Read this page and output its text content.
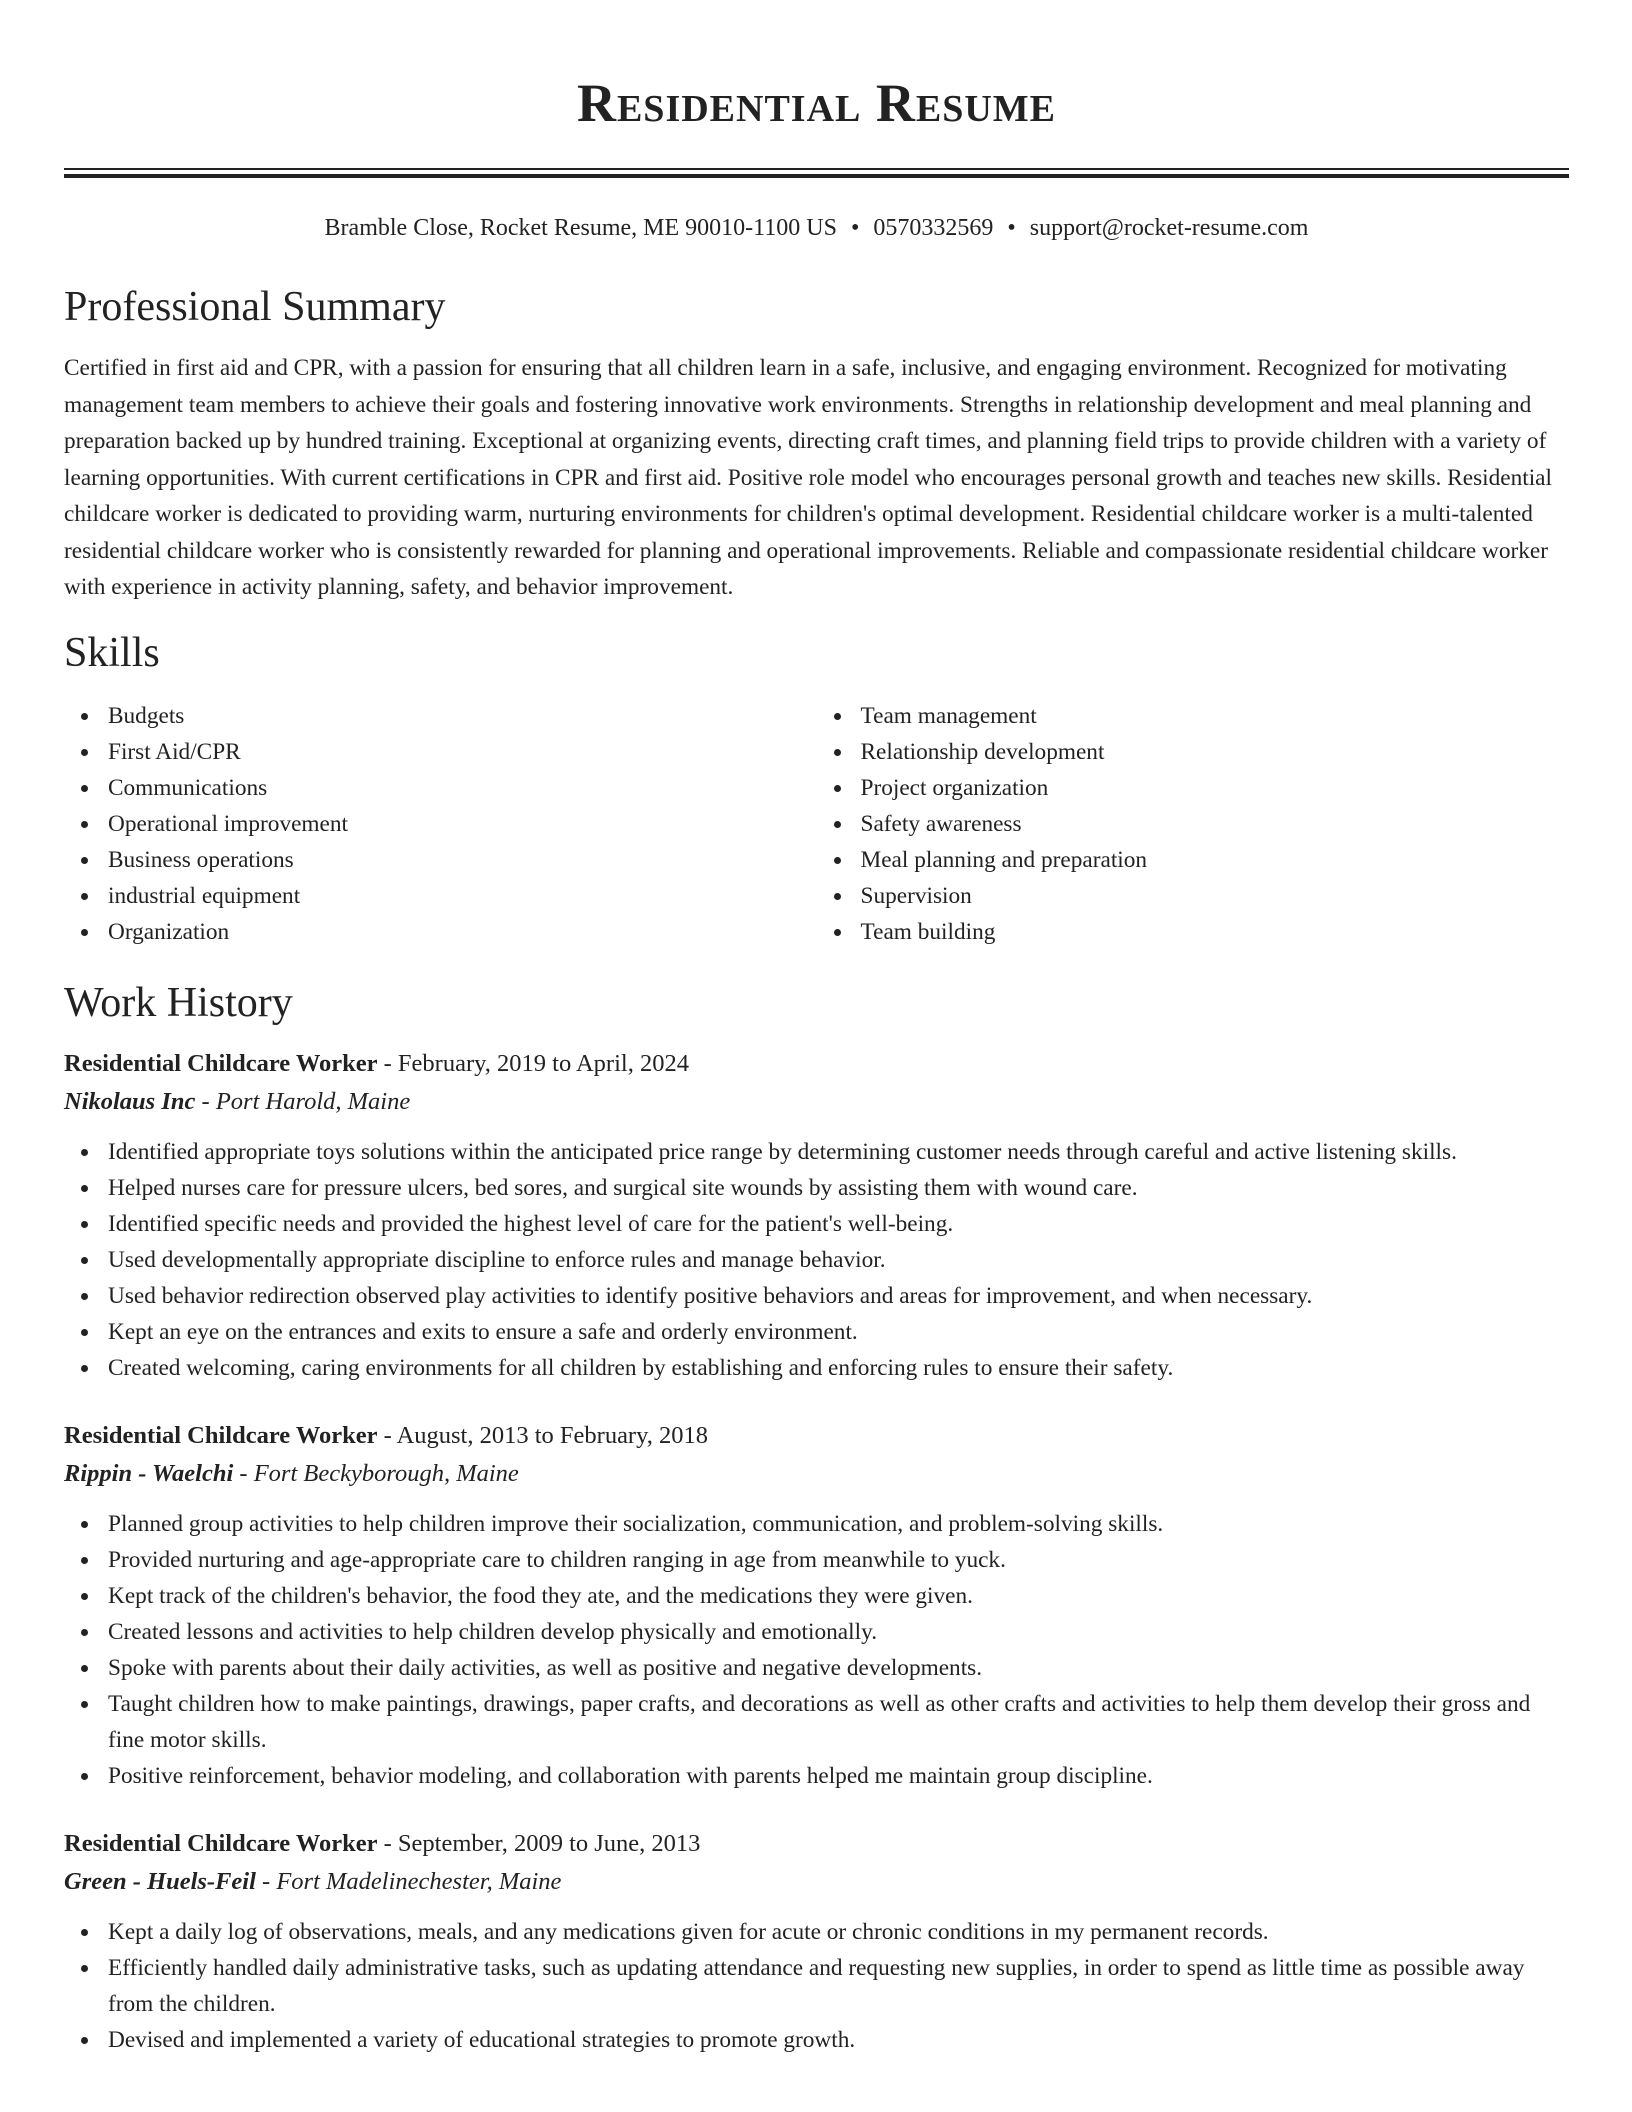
Residential Resume
Bramble Close, Rocket Resume, ME 90010-1100 US • 0570332569 • support@rocket-resume.com
Professional Summary

Certified in first aid and CPR, with a passion for ensuring that all children learn in a safe, inclusive, and engaging environment. Recognized for motivating management team members to achieve their goals and fostering innovative work environments. Strengths in relationship development and meal planning and preparation backed up by hundred training. Exceptional at organizing events, directing craft times, and planning field trips to provide children with a variety of learning opportunities. With current certifications in CPR and first aid. Positive role model who encourages personal growth and teaches new skills. Residential childcare worker is dedicated to providing warm, nurturing environments for children's optimal development. Residential childcare worker is a multi-talented residential childcare worker who is consistently rewarded for planning and operational improvements. Reliable and compassionate residential childcare worker with experience in activity planning, safety, and behavior improvement.

Skills
Budgets
First Aid/CPR
Communications
Operational improvement
Business operations
industrial equipment
Organization
Team management
Relationship development
Project organization
Safety awareness
Meal planning and preparation
Supervision
Team building
Work History

Residential Childcare Worker - February, 2019 to April, 2024

Nikolaus Inc - Port Harold, Maine

Identified appropriate toys solutions within the anticipated price range by determining customer needs through careful and active listening skills.
Helped nurses care for pressure ulcers, bed sores, and surgical site wounds by assisting them with wound care.
Identified specific needs and provided the highest level of care for the patient's well-being.
Used developmentally appropriate discipline to enforce rules and manage behavior.
Used behavior redirection observed play activities to identify positive behaviors and areas for improvement, and when necessary.
Kept an eye on the entrances and exits to ensure a safe and orderly environment.
Created welcoming, caring environments for all children by establishing and enforcing rules to ensure their safety.

Residential Childcare Worker - August, 2013 to February, 2018

Rippin - Waelchi - Fort Beckyborough, Maine

Planned group activities to help children improve their socialization, communication, and problem-solving skills.
Provided nurturing and age-appropriate care to children ranging in age from meanwhile to yuck.
Kept track of the children's behavior, the food they ate, and the medications they were given.
Created lessons and activities to help children develop physically and emotionally.
Spoke with parents about their daily activities, as well as positive and negative developments.
Taught children how to make paintings, drawings, paper crafts, and decorations as well as other crafts and activities to help them develop their gross and fine motor skills.
Positive reinforcement, behavior modeling, and collaboration with parents helped me maintain group discipline.

Residential Childcare Worker - September, 2009 to June, 2013

Green - Huels-Feil - Fort Madelinechester, Maine

Kept a daily log of observations, meals, and any medications given for acute or chronic conditions in my permanent records.
Efficiently handled daily administrative tasks, such as updating attendance and requesting new supplies, in order to spend as little time as possible away from the children.
Devised and implemented a variety of educational strategies to promote growth.
